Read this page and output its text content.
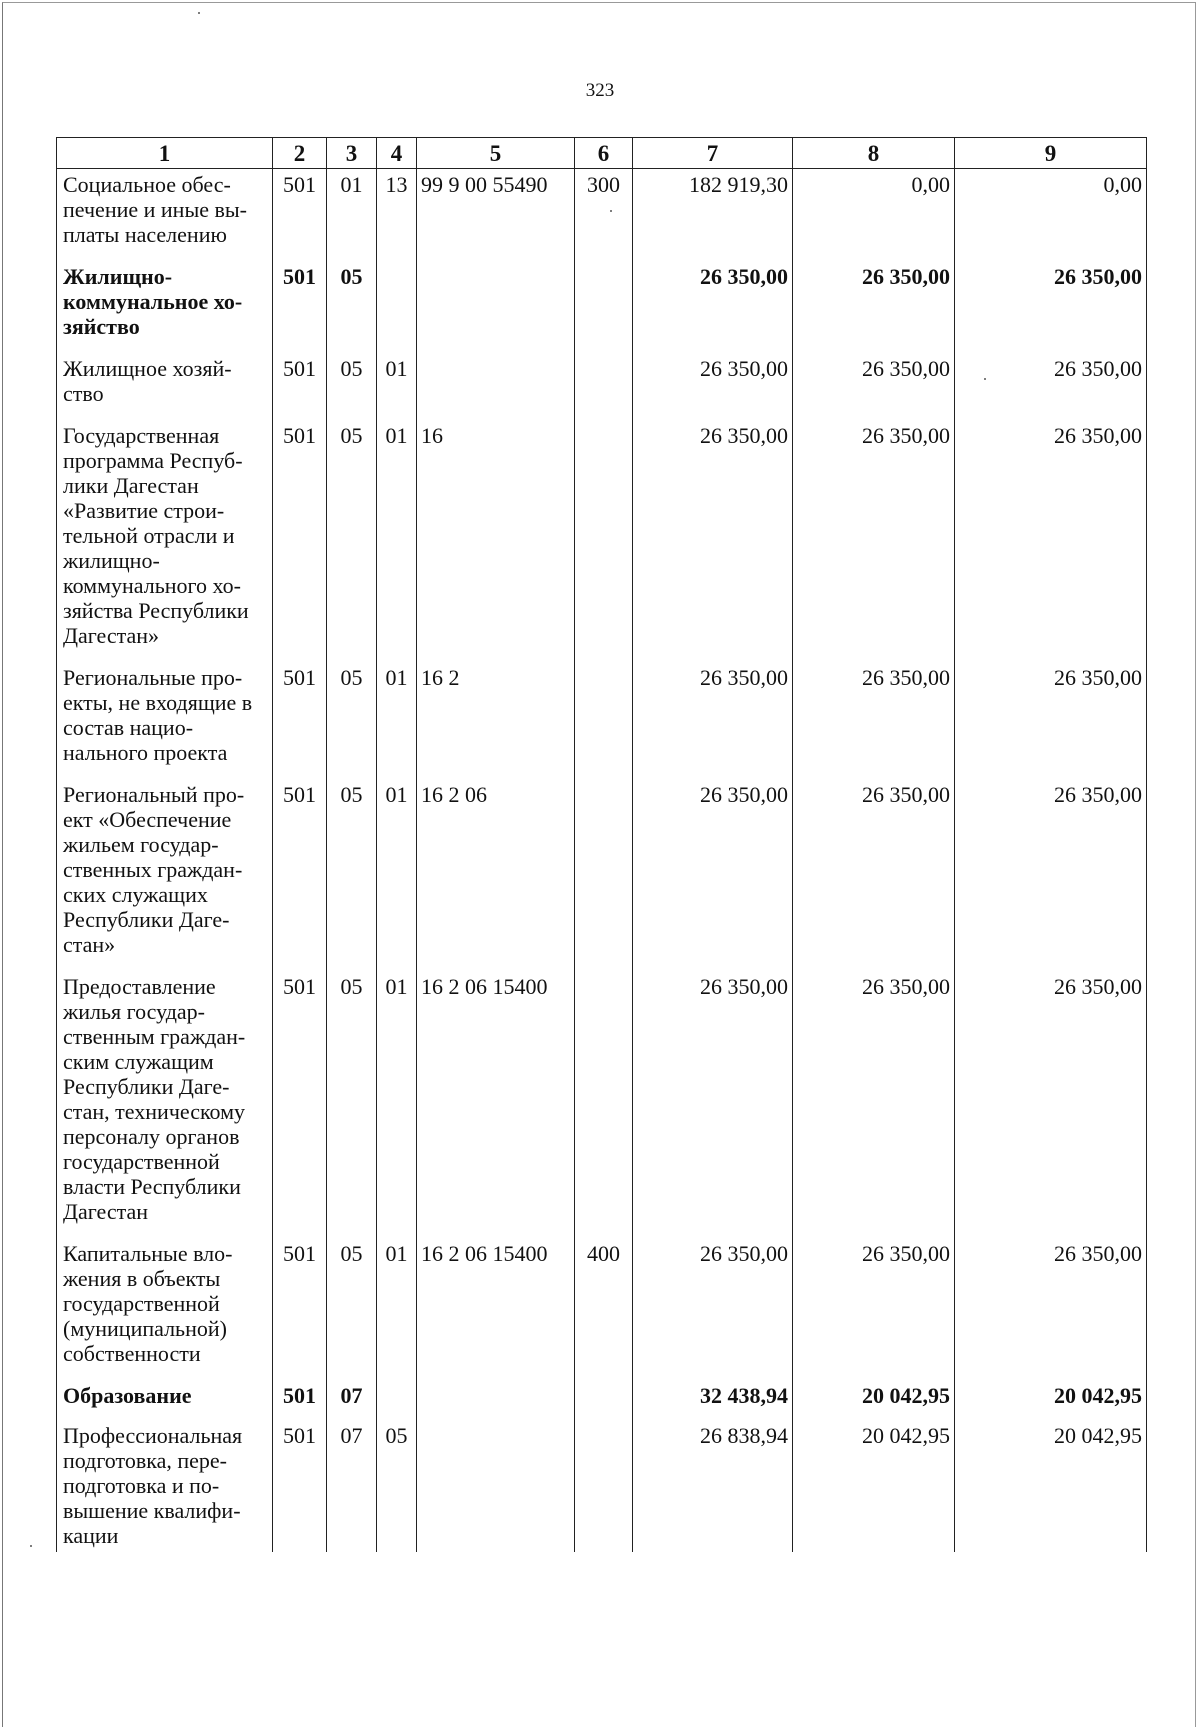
323
1	2	3	4	5	6	7	8	9
Социальное обес-печение и иные вы-платы населению	501	01	13	99 9 00 55490	300	182 919,30	0,00	0,00
Жилищно-коммунальное хо-зяйство	501	05				26 350,00	26 350,00	26 350,00
Жилищное хозяй-ство	501	05	01			26 350,00	26 350,00	26 350,00
Государственная программа Респуб-лики Дагестан «Развитие строи-тельной отрасли и жилищно-коммунального хо-зяйства Республики Дагестан»	501	05	01	16		26 350,00	26 350,00	26 350,00
Региональные про-екты, не входящие в состав нацио-нального проекта	501	05	01	16 2		26 350,00	26 350,00	26 350,00
Региональный про-ект «Обеспечение жильем государ-ственных граждан-ских служащих Республики Даге-стан»	501	05	01	16 2 06		26 350,00	26 350,00	26 350,00
Предоставление жилья государ-ственным граждан-ским служащим Республики Даге-стан, техническому персоналу органов государственной власти Республики Дагестан	501	05	01	16 2 06 15400		26 350,00	26 350,00	26 350,00
Капитальные вло-жения в объекты государственной (муниципальной) собственности	501	05	01	16 2 06 15400	400	26 350,00	26 350,00	26 350,00
Образование	501	07				32 438,94	20 042,95	20 042,95
Профессиональная подготовка, пере-подготовка и по-вышение квалифи-кации	501	07	05			26 838,94	20 042,95	20 042,95
